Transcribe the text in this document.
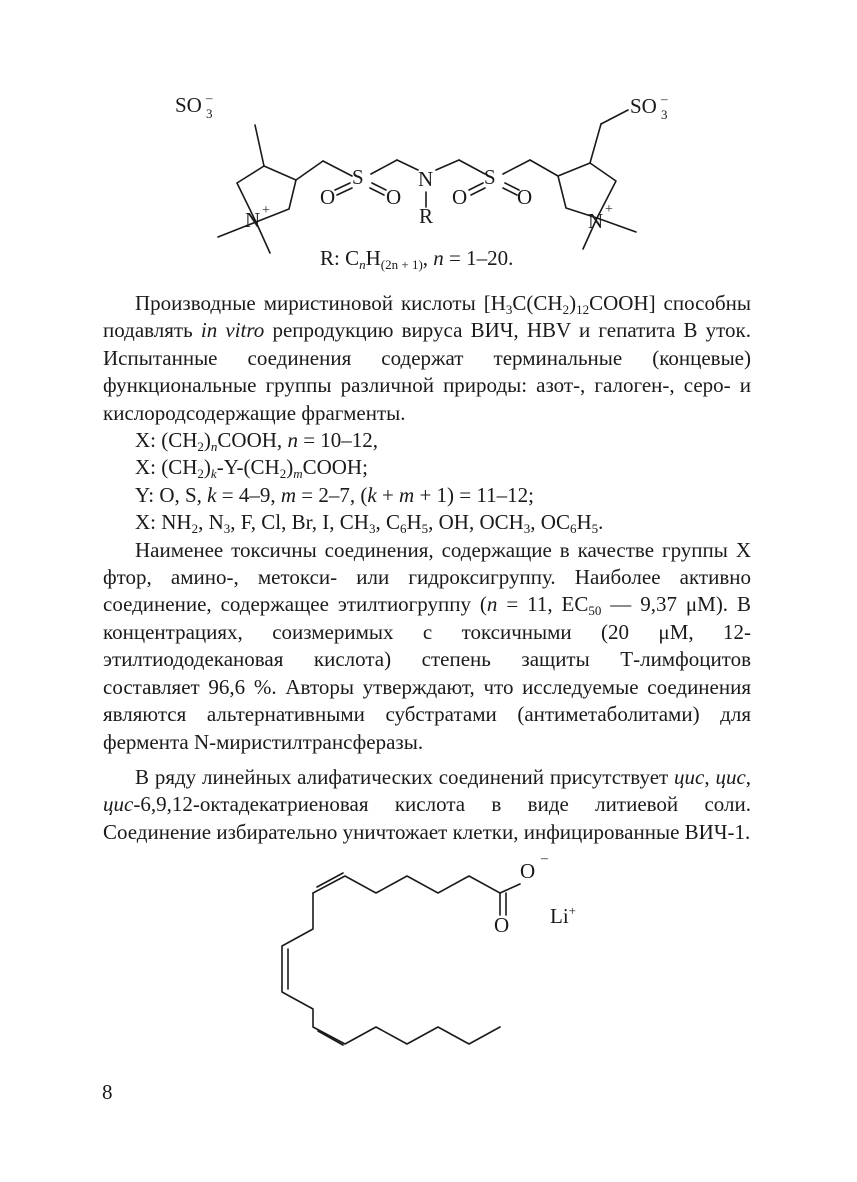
SO 3
–
N +
S
O O
N
R
S
O O
N +
SO 3
–
R: $C_nH_{(2n + 1)}$, n = 1–20.

Производные миристиновой кислоты $[H_3C(CH_2)_{12}COOH]$ способны подавлять in vitro репродукцию вируса ВИЧ, HBV и гепатита В уток. Испытанные соединения содержат терминальные (концевые) функциональные группы различной природы: азот-, галоген-, серо- и кислородсодержащие фрагменты.

X: $(CH_2)_nCOOH$, n = 10–12,

X: $(CH_2)_k-Y-(CH_2)_mCOOH$;

Y: O, S, k = 4–9, m = 2–7, (k + m + 1) = 11–12;

X: $NH_2$, $N_3$, F, Cl, Br, I, $CH_3$, $C_6H_5$, OH, $OCH_3$, $OC_6H_5$.

Наименее токсичны соединения, содержащие в качестве группы X фтор, амино-, метокси- или гидроксигруппу. Наиболее активно соединение, содержащее этилтиогруппу (n = 11, $EC_{50}$ — 9,37 μM). В концентрациях, соизмеримых с токсичными (20 μM, 12-этилтиододекановая кислота) степень защиты Т-лимфоцитов составляет 96,6 %. Авторы утверждают, что исследуемые соединения являются альтернативными субстратами (антиметаболитами) для фермента N-миристилтрансферазы.

В ряду линейных алифатических соединений присутствует цис, цис, цис-6,9,12-октадекатриеновая кислота в виде литиевой соли. Соединение избирательно уничтожает клетки, инфицированные ВИЧ-1.

O
–
O Li+
8
